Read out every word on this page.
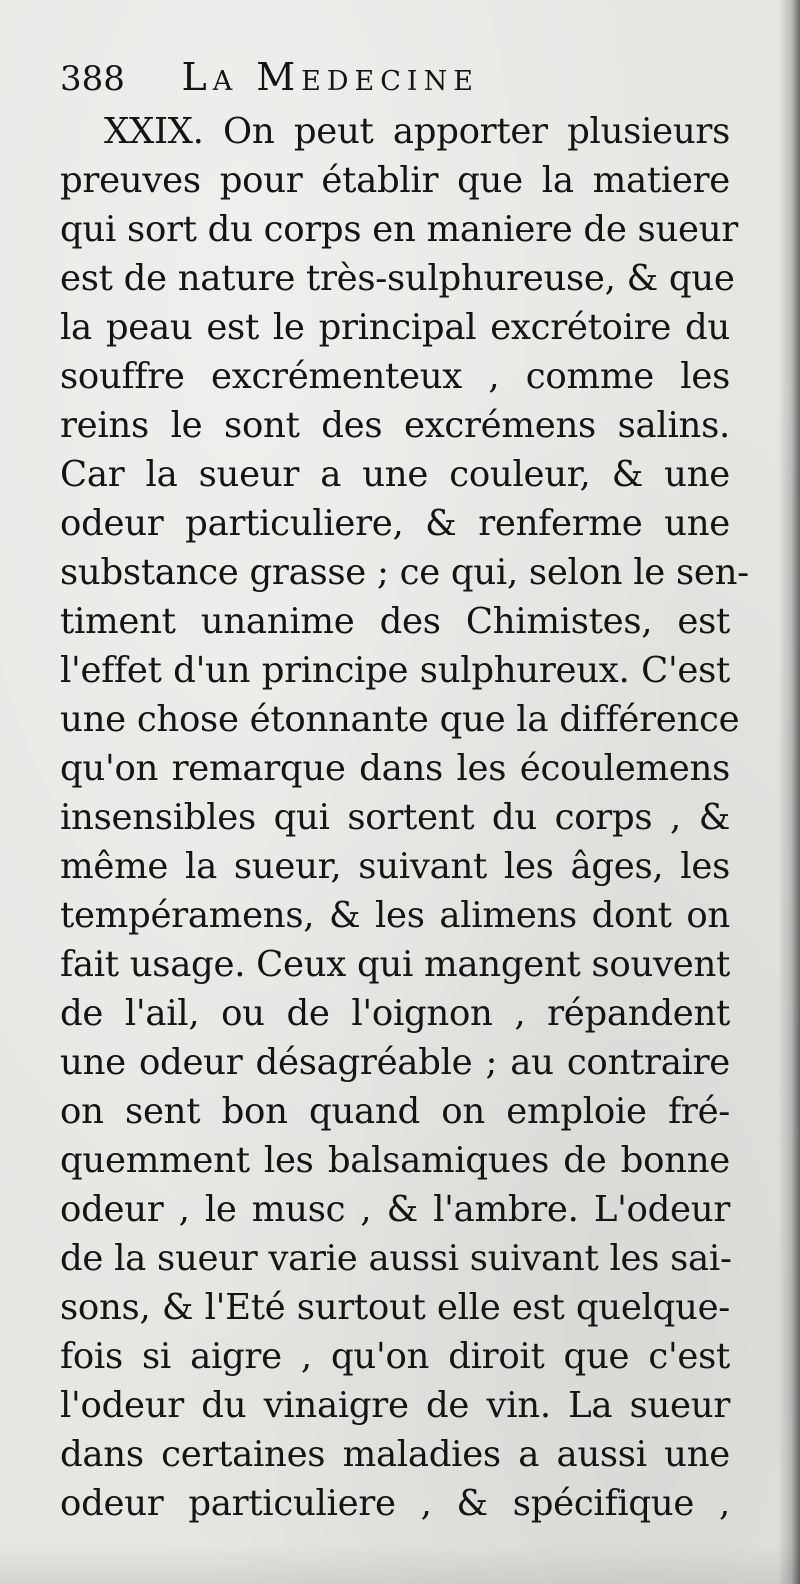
388 La Medecine
XXIX. On peut apporter plusieurs
preuves pour établir que la matiere
qui sort du corps en maniere de sueur
est de nature très-sulphureuse, & que
la peau est le principal excrétoire du
souffre excrémenteux , comme les
reins le sont des excrémens salins.
Car la sueur a une couleur, & une
odeur particuliere, & renferme une
substance grasse ; ce qui, selon le sen-
timent unanime des Chimistes, est
l'effet d'un principe sulphureux. C'est
une chose étonnante que la différence
qu'on remarque dans les écoulemens
insensibles qui sortent du corps , &
même la sueur, suivant les âges, les
tempéramens, & les alimens dont on
fait usage. Ceux qui mangent souvent
de l'ail, ou de l'oignon , répandent
une odeur désagréable ; au contraire
on sent bon quand on emploie fré-
quemment les balsamiques de bonne
odeur , le musc , & l'ambre. L'odeur
de la sueur varie aussi suivant les sai-
sons, & l'Eté surtout elle est quelque-
fois si aigre , qu'on diroit que c'est
l'odeur du vinaigre de vin. La sueur
dans certaines maladies a aussi une
odeur particuliere , & spécifique ,
